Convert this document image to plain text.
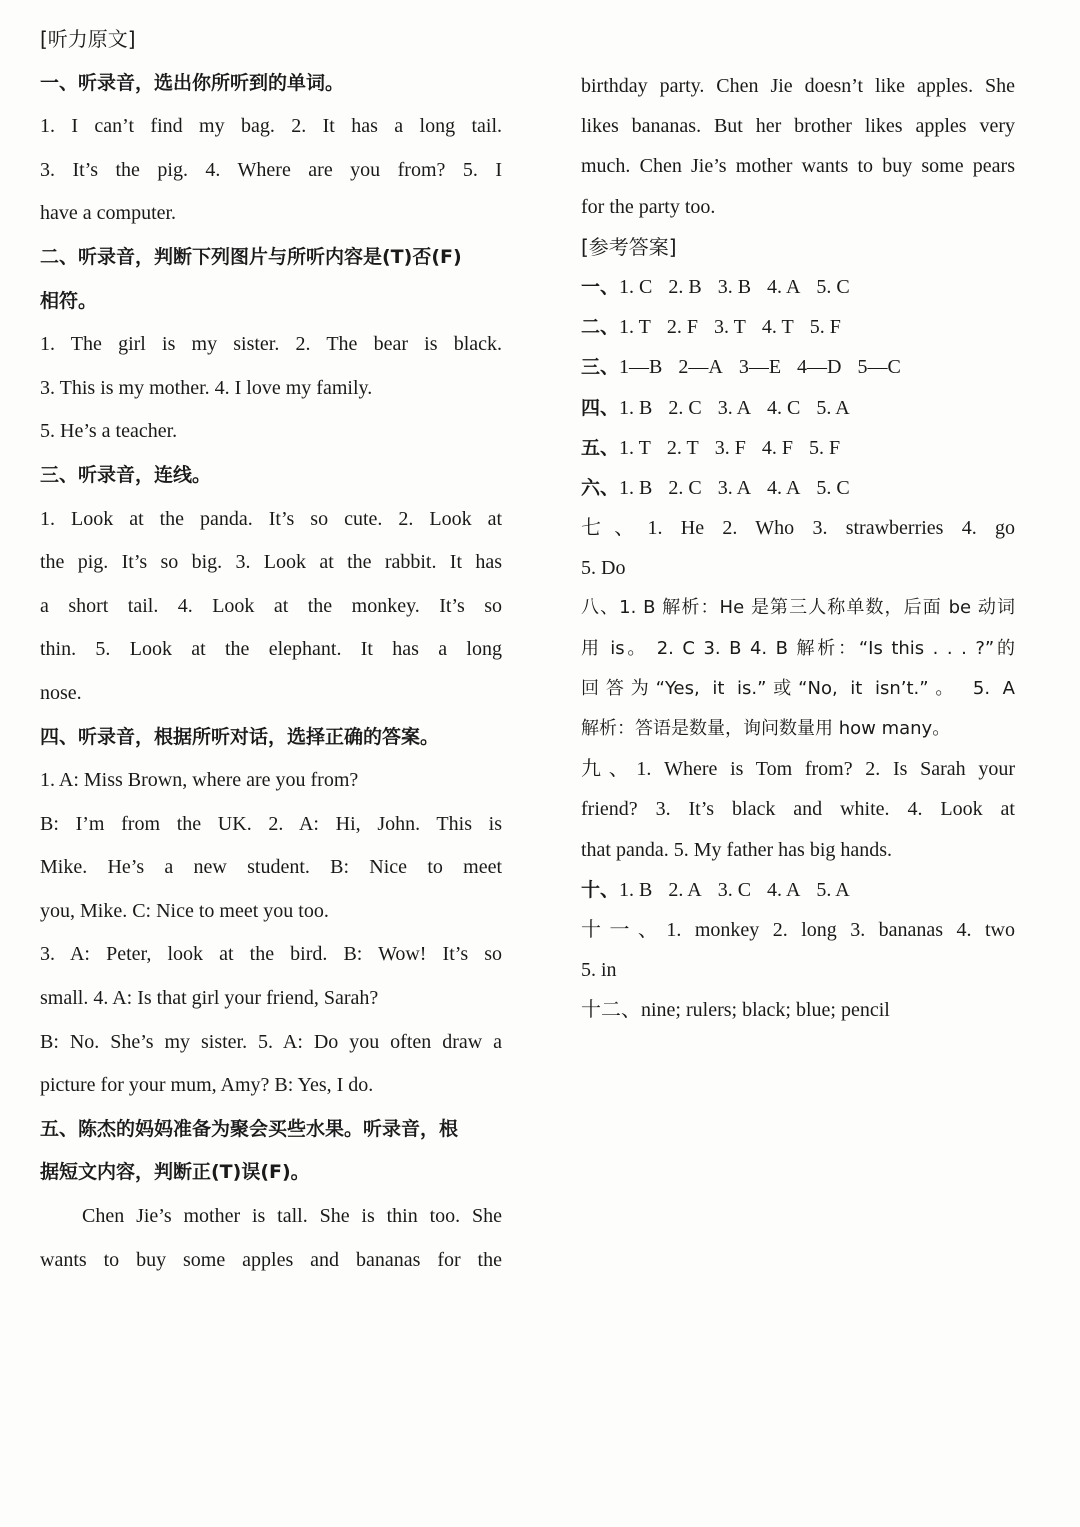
[听力原文]
一、听录音，选出你所听到的单词。
1. I can’t find my bag. 2. It has a long tail.
3. It’s the pig. 4. Where are you from? 5. I
have a computer.
二、听录音，判断下列图片与所听内容是(T)否(F)
相符。
1. The girl is my sister. 2. The bear is black.
3. This is my mother. 4. I love my family.
5. He’s a teacher.
三、听录音，连线。
1. Look at the panda. It’s so cute. 2. Look at
the pig. It’s so big. 3. Look at the rabbit. It has
a short tail. 4. Look at the monkey. It’s so
thin. 5. Look at the elephant. It has a long
nose.
四、听录音，根据所听对话，选择正确的答案。
1. A: Miss Brown, where are you from?
B: I’m from the UK. 2. A: Hi, John. This is
Mike. He’s a new student. B: Nice to meet
you, Mike. C: Nice to meet you too.
3. A: Peter, look at the bird. B: Wow! It’s so
small. 4. A: Is that girl your friend, Sarah?
B: No. She’s my sister. 5. A: Do you often draw a
picture for your mum, Amy? B: Yes, I do.
五、陈杰的妈妈准备为聚会买些水果。听录音，根
据短文内容，判断正(T)误(F)。
Chen Jie’s mother is tall. She is thin too. She
wants to buy some apples and bananas for the
birthday party. Chen Jie doesn’t like apples. She
likes bananas. But her brother likes apples very
much. Chen Jie’s mother wants to buy some pears
for the party too.
[参考答案]
一、1. C 2. B 3. B 4. A 5. C
二、1. T 2. F 3. T 4. T 5. F
三、1—B 2—A 3—E 4—D 5—C
四、1. B 2. C 3. A 4. C 5. A
五、1. T 2. T 3. F 4. F 5. F
六、1. B 2. C 3. A 4. A 5. C
七、1. He 2. Who 3. strawberries 4. go
5. Do
八、1. B 解析：He 是第三人称单数，后面 be 动词
用 is。 2. C 3. B 4. B 解析：“Is this . . . ?”的
回答为“Yes, it is.”或“No, it isn’t.”。 5. A
解析：答语是数量，询问数量用 how many。
九、1. Where is Tom from? 2. Is Sarah your
friend? 3. It’s black and white. 4. Look at
that panda. 5. My father has big hands.
十、1. B 2. A 3. C 4. A 5. A
十一、1. monkey 2. long 3. bananas 4. two
5. in
十二、nine; rulers; black; blue; pencil
